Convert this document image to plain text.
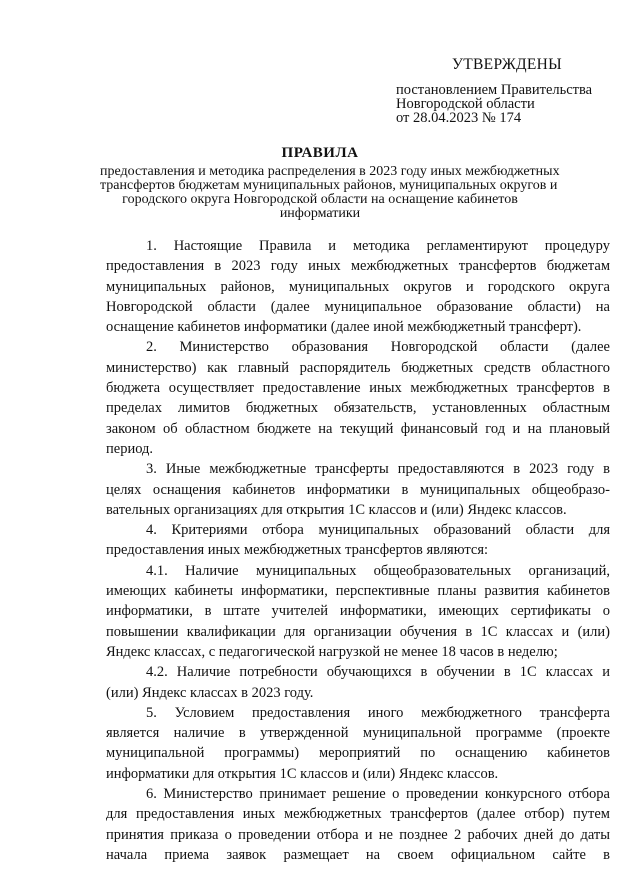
УТВЕРЖДЕНЫ
постановлением Правительства
Новгородской области
от 28.04.2023 № 174
ПРАВИЛА
предоставления и методика распределения в 2023 году иных межбюджетных
трансфертов бюджетам муниципальных районов, муниципальных округов и
городского округа Новгородской области на оснащение кабинетов
информатики
1. Настоящие Правила и методика регламентируют процедуру
предоставления в 2023 году иных межбюджетных трансфертов бюджетам
муниципальных районов, муниципальных округов и городского округа
Новгородской области (далее муниципальное образование области) на
оснащение кабинетов информатики (далее иной межбюджетный трансферт).
2. Министерство образования Новгородской области (далее
министерство) как главный распорядитель бюджетных средств областного
бюджета осуществляет предоставление иных межбюджетных трансфертов в
пределах лимитов бюджетных обязательств, установленных областным
законом об областном бюджете на текущий финансовый год и на плановый
период.
3. Иные межбюджетные трансферты предоставляются в 2023 году в
целях оснащения кабинетов информатики в муниципальных общеобразо-
вательных организациях для открытия 1С классов и (или) Яндекс классов.
4. Критериями отбора муниципальных образований области для
предоставления иных межбюджетных трансфертов являются:
4.1. Наличие муниципальных общеобразовательных организаций,
имеющих кабинеты информатики, перспективные планы развития кабинетов
информатики, в штате учителей информатики, имеющих сертификаты о
повышении квалификации для организации обучения в 1С классах и (или)
Яндекс классах, с педагогической нагрузкой не менее 18 часов в неделю;
4.2. Наличие потребности обучающихся в обучении в 1С классах и
(или) Яндекс классах в 2023 году.
5. Условием предоставления иного межбюджетного трансферта
является наличие в утвержденной муниципальной программе (проекте
муниципальной программы) мероприятий по оснащению кабинетов
информатики для открытия 1С классов и (или) Яндекс классов.
6. Министерство принимает решение о проведении конкурсного отбора
для предоставления иных межбюджетных трансфертов (далее отбор) путем
принятия приказа о проведении отбора и не позднее 2 рабочих дней до даты
начала приема заявок размещает на своем официальном сайте в
